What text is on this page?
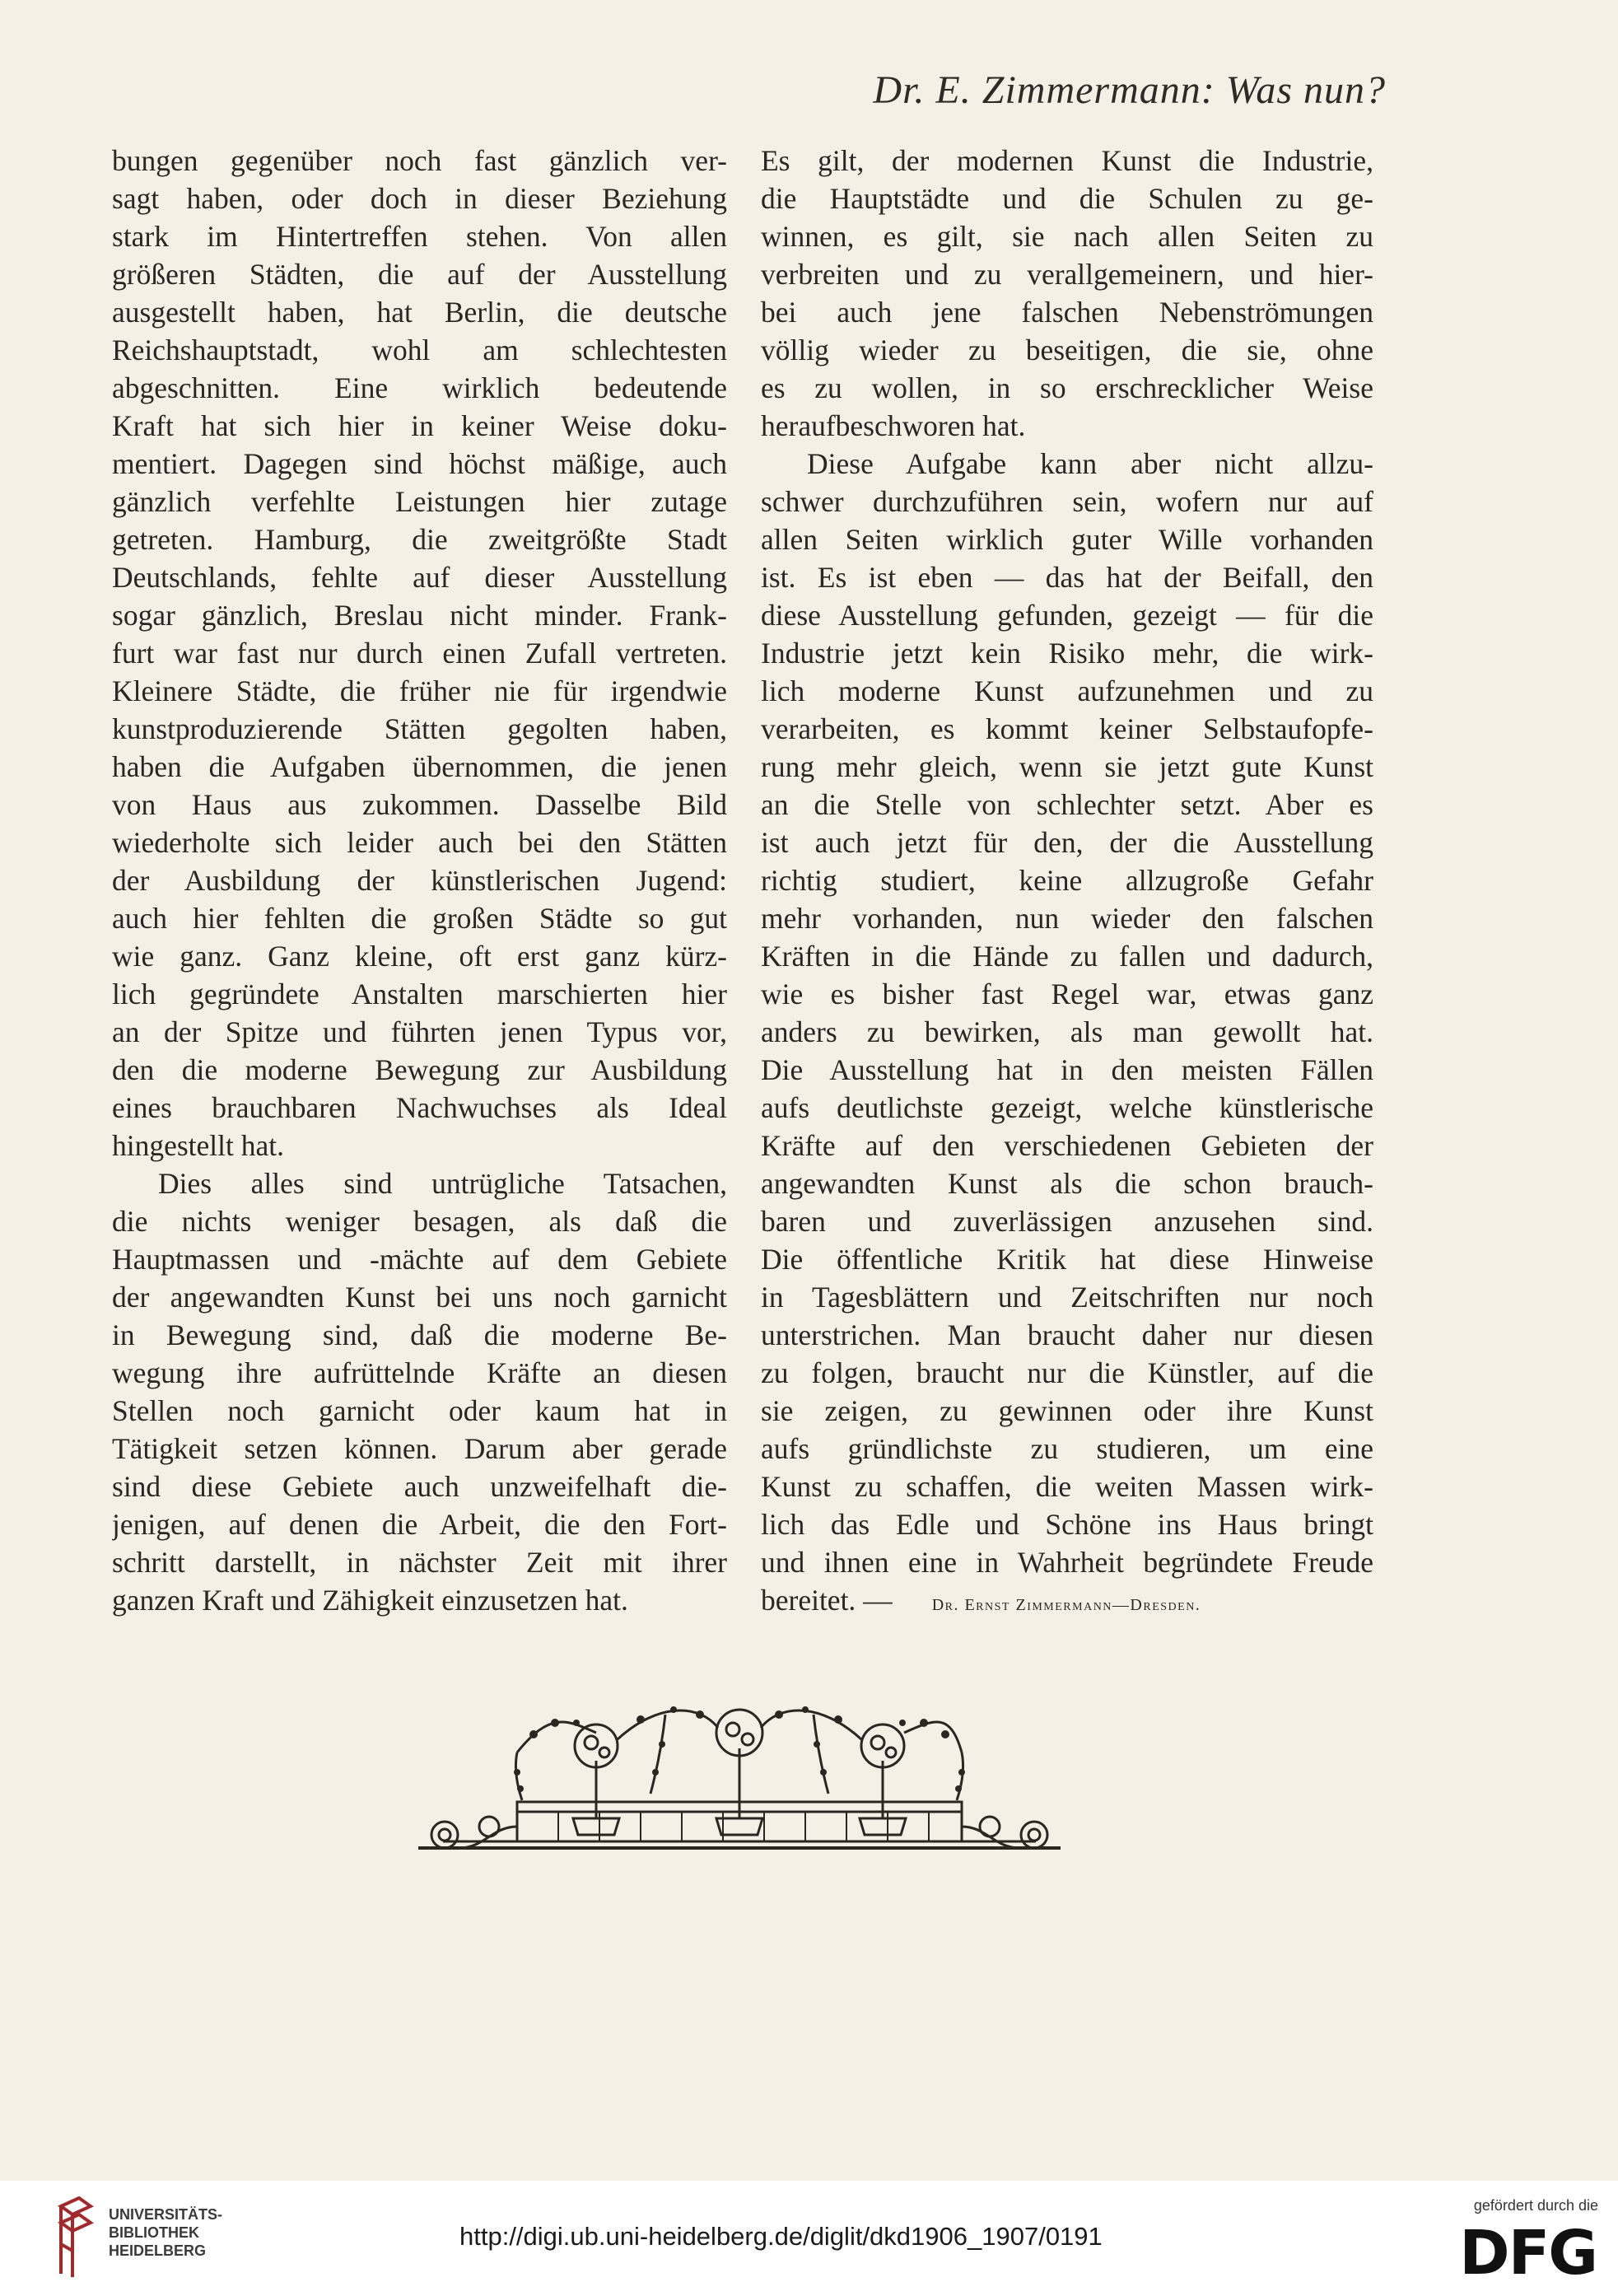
Dr. E. Zimmermann: Was nun?
bungen gegenüber noch fast gänzlich ver-
sagt haben, oder doch in dieser Beziehung
stark im Hintertreffen stehen. Von allen
größeren Städten, die auf der Ausstellung
ausgestellt haben, hat Berlin, die deutsche
Reichshauptstadt, wohl am schlechtesten
abgeschnitten. Eine wirklich bedeutende
Kraft hat sich hier in keiner Weise doku-
mentiert. Dagegen sind höchst mäßige, auch
gänzlich verfehlte Leistungen hier zutage
getreten. Hamburg, die zweitgrößte Stadt
Deutschlands, fehlte auf dieser Ausstellung
sogar gänzlich, Breslau nicht minder. Frank-
furt war fast nur durch einen Zufall vertreten.
Kleinere Städte, die früher nie für irgendwie
kunstproduzierende Stätten gegolten haben,
haben die Aufgaben übernommen, die jenen
von Haus aus zukommen. Dasselbe Bild
wiederholte sich leider auch bei den Stätten
der Ausbildung der künstlerischen Jugend:
auch hier fehlten die großen Städte so gut
wie ganz. Ganz kleine, oft erst ganz kürz-
lich gegründete Anstalten marschierten hier
an der Spitze und führten jenen Typus vor,
den die moderne Bewegung zur Ausbildung
eines brauchbaren Nachwuchses als Ideal
hingestellt hat.
Dies alles sind untrügliche Tatsachen,
die nichts weniger besagen, als daß die
Hauptmassen und -mächte auf dem Gebiete
der angewandten Kunst bei uns noch garnicht
in Bewegung sind, daß die moderne Be-
wegung ihre aufrüttelnde Kräfte an diesen
Stellen noch garnicht oder kaum hat in
Tätigkeit setzen können. Darum aber gerade
sind diese Gebiete auch unzweifelhaft die-
jenigen, auf denen die Arbeit, die den Fort-
schritt darstellt, in nächster Zeit mit ihrer
ganzen Kraft und Zähigkeit einzusetzen hat.
Es gilt, der modernen Kunst die Industrie,
die Hauptstädte und die Schulen zu ge-
winnen, es gilt, sie nach allen Seiten zu
verbreiten und zu verallgemeinern, und hier-
bei auch jene falschen Nebenströmungen
völlig wieder zu beseitigen, die sie, ohne
es zu wollen, in so erschrecklicher Weise
heraufbeschworen hat.
Diese Aufgabe kann aber nicht allzu-
schwer durchzuführen sein, wofern nur auf
allen Seiten wirklich guter Wille vorhanden
ist. Es ist eben — das hat der Beifall, den
diese Ausstellung gefunden, gezeigt — für die
Industrie jetzt kein Risiko mehr, die wirk-
lich moderne Kunst aufzunehmen und zu
verarbeiten, es kommt keiner Selbstaufopfe-
rung mehr gleich, wenn sie jetzt gute Kunst
an die Stelle von schlechter setzt. Aber es
ist auch jetzt für den, der die Ausstellung
richtig studiert, keine allzugroße Gefahr
mehr vorhanden, nun wieder den falschen
Kräften in die Hände zu fallen und dadurch,
wie es bisher fast Regel war, etwas ganz
anders zu bewirken, als man gewollt hat.
Die Ausstellung hat in den meisten Fällen
aufs deutlichste gezeigt, welche künstlerische
Kräfte auf den verschiedenen Gebieten der
angewandten Kunst als die schon brauch-
baren und zuverlässigen anzusehen sind.
Die öffentliche Kritik hat diese Hinweise
in Tagesblättern und Zeitschriften nur noch
unterstrichen. Man braucht daher nur diesen
zu folgen, braucht nur die Künstler, auf die
sie zeigen, zu gewinnen oder ihre Kunst
aufs gründlichste zu studieren, um eine
Kunst zu schaffen, die weiten Massen wirk-
lich das Edle und Schöne ins Haus bringt
und ihnen eine in Wahrheit begründete Freude
bereitet. — Dr. Ernst Zimmermann—Dresden.
UNIVERSITÄTS-
BIBLIOTHEK
HEIDELBERG	http://digi.ub.uni-heidelberg.de/diglit/dkd1906_1907/0191
gefördert durch die
DFG
